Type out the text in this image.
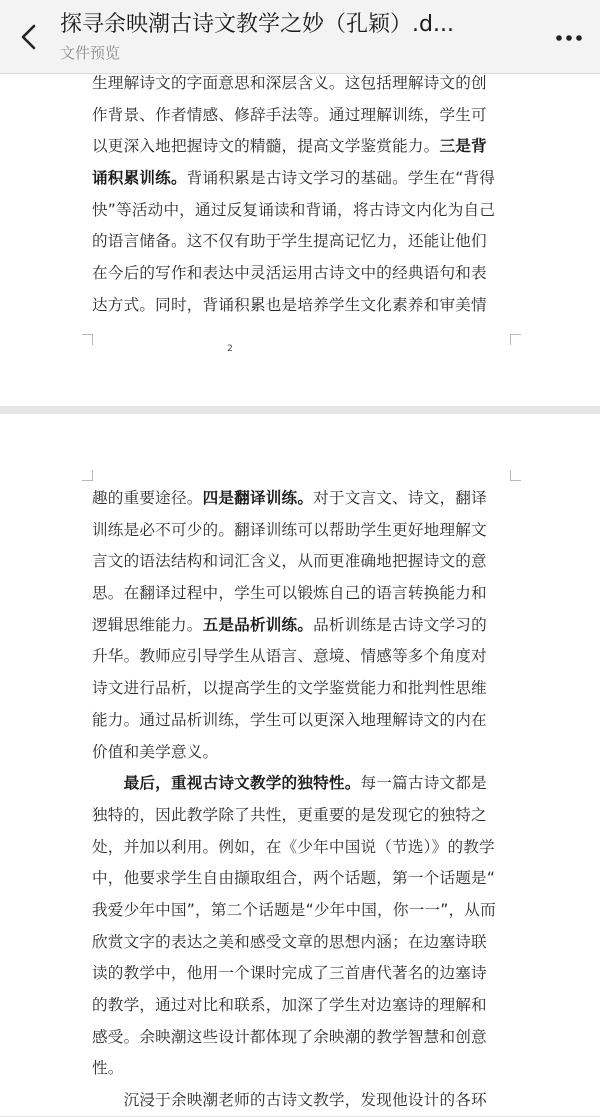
探寻余映潮古诗文教学之妙（孔颖）.d...
文件预览
生理解诗文的字面意思和深层含义。这包括理解诗文的创
作背景、作者情感、修辞手法等。通过理解训练，学生可
以更深入地把握诗文的精髓，提高文学鉴赏能力。三是背
诵积累训练。背诵积累是古诗文学习的基础。学生在“背得
快”等活动中，通过反复诵读和背诵，将古诗文内化为自己
的语言储备。这不仅有助于学生提高记忆力，还能让他们
在今后的写作和表达中灵活运用古诗文中的经典语句和表
达方式。同时，背诵积累也是培养学生文化素养和审美情
2
趣的重要途径。四是翻译训练。对于文言文、诗文，翻译
训练是必不可少的。翻译训练可以帮助学生更好地理解文
言文的语法结构和词汇含义，从而更准确地把握诗文的意
思。在翻译过程中，学生可以锻炼自己的语言转换能力和
逻辑思维能力。五是品析训练。品析训练是古诗文学习的
升华。教师应引导学生从语言、意境、情感等多个角度对
诗文进行品析，以提高学生的文学鉴赏能力和批判性思维
能力。通过品析训练，学生可以更深入地理解诗文的内在
价值和美学意义。
　　最后，重视古诗文教学的独特性。每一篇古诗文都是
独特的，因此教学除了共性，更重要的是发现它的独特之
处，并加以利用。例如，在《少年中国说（节选）》的教学
中，他要求学生自由撷取组合，两个话题，第一个话题是“
我爱少年中国”，第二个话题是“少年中国，你一一”，从而
欣赏文字的表达之美和感受文章的思想内涵；在边塞诗联
读的教学中，他用一个课时完成了三首唐代著名的边塞诗
的教学，通过对比和联系，加深了学生对边塞诗的理解和
感受。余映潮这些设计都体现了余映潮的教学智慧和创意
性。
　　沉浸于余映潮老师的古诗文教学，发现他设计的各环
